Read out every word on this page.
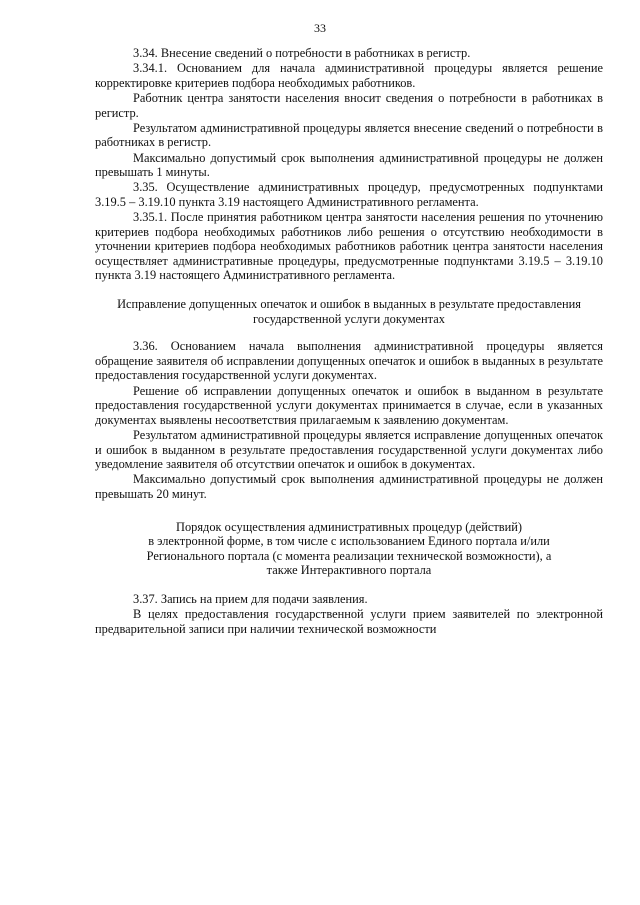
33

3.34. Внесение сведений о потребности в работниках в регистр.

3.34.1. Основанием для начала административной процедуры является решение корректировке критериев подбора необходимых работников.

Работник центра занятости населения вносит сведения о потребности в работниках в регистр.

Результатом административной процедуры является внесение сведений о потребности в работниках в регистр.

Максимально допустимый срок выполнения административной процедуры не должен превышать 1 минуты.

3.35. Осуществление административных процедур, предусмотренных подпунктами 3.19.5 – 3.19.10 пункта 3.19 настоящего Административного регламента.

3.35.1. После принятия работником центра занятости населения решения по уточнению критериев подбора необходимых работников либо решения о отсутствию необходимости в уточнении критериев подбора необходимых работников работник центра занятости населения осуществляет административные процедуры, предусмотренные подпунктами 3.19.5 – 3.19.10 пункта 3.19 настоящего Административного регламента.

Исправление допущенных опечаток и ошибок в выданных в результате предоставления государственной услуги документах

3.36. Основанием начала выполнения административной процедуры является обращение заявителя об исправлении допущенных опечаток и ошибок в выданных в результате предоставления государственной услуги документах.

Решение об исправлении допущенных опечаток и ошибок в выданном в результате предоставления государственной услуги документах принимается в случае, если в указанных документах выявлены несоответствия прилагаемым к заявлению документам.

Результатом административной процедуры является исправление допущенных опечаток и ошибок в выданном в результате предоставления государственной услуги документах либо уведомление заявителя об отсутствии опечаток и ошибок в документах.

Максимально допустимый срок выполнения административной процедуры не должен превышать 20 минут.

Порядок осуществления административных процедур (действий)
в электронной форме, в том числе с использованием Единого портала и/или
Регионального портала (с момента реализации технической возможности), а
также Интерактивного портала

3.37. Запись на прием для подачи заявления.

В целях предоставления государственной услуги прием заявителей по электронной предварительной записи при наличии технической возможности
